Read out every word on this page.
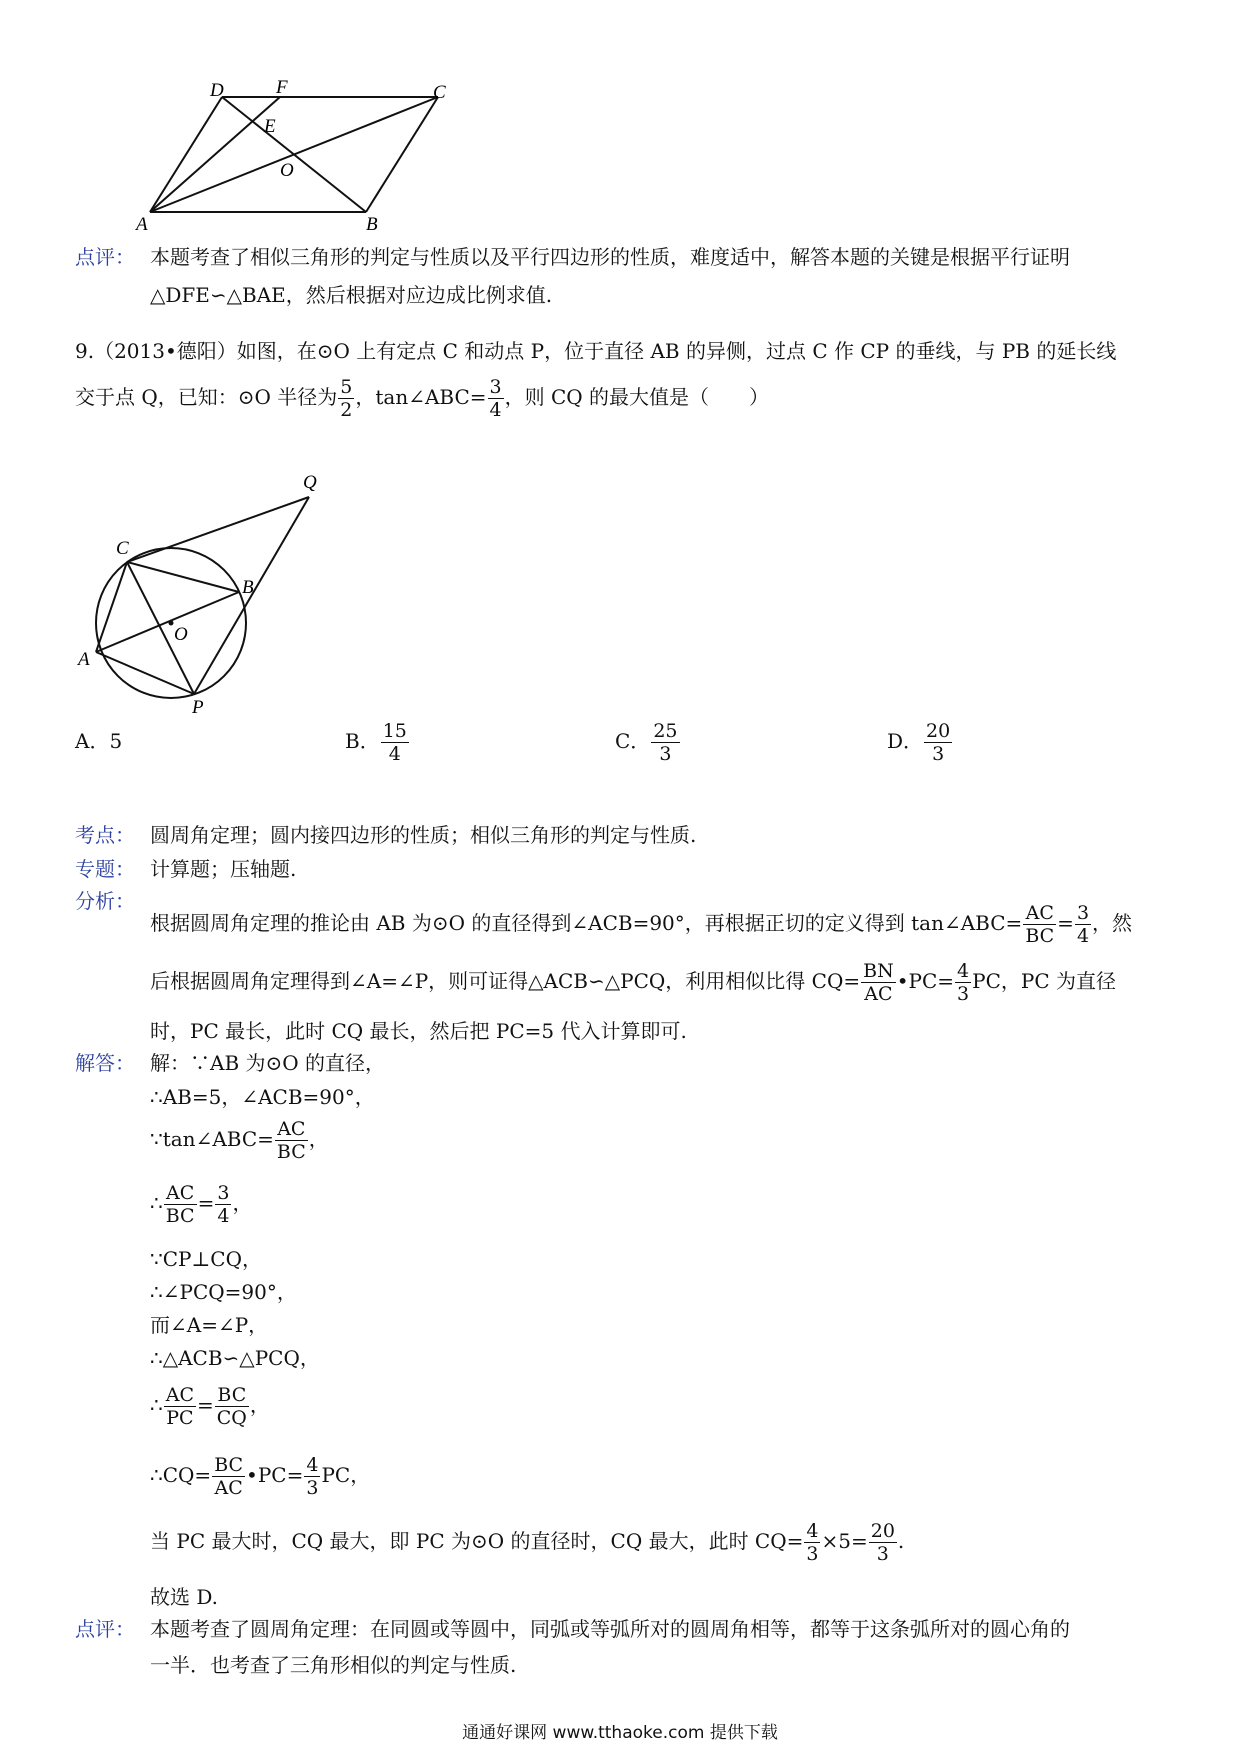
D	F	C
E
O
A	B
点评： 本题考查了相似三角形的判定与性质以及平行四边形的性质，难度适中，解答本题的关键是根据平行证明
△DFE∽△BAE，然后根据对应边成比例求值.
9.（2013•德阳）如图，在⊙O 上有定点 C 和动点 P，位于直径 AB 的异侧，过点 C 作 CP 的垂线，与 PB 的延长线
交于点 Q，已知：⊙O 半径为 $\frac{5}{2}$ ，tan∠ABC= $\frac{3}{4}$ ，则 CQ 的最大值是（　　）
Q
C
B
O
A
P
A．5	B． $\frac{15}{4}$	C． $\frac{25}{3}$	D． $\frac{20}{3}$
考点： 圆周角定理；圆内接四边形的性质；相似三角形的判定与性质.
专题： 计算题；压轴题.
分析：
根据圆周角定理的推论由 AB 为⊙O 的直径得到∠ACB=90°，再根据正切的定义得到 tan∠ABC= $\frac{AC}{BC} = \frac{3}{4}$ ，然
后根据圆周角定理得到∠A=∠P，则可证得△ACB∽△PCQ，利用相似比得 $CQ= \frac{BN}{AC}$ •PC= $\frac{4}{3}$ PC，PC 为直径
时，PC 最长，此时 CQ 最长，然后把 PC=5 代入计算即可.
解答： 解：∵AB 为⊙O 的直径，
∴AB=5，∠ACB=90°，
∵tan∠ABC= $\frac{AC}{BC}$ ，
∴ $\frac{AC}{BC} = \frac{3}{4}$ ，
∵CP⊥CQ，
∴∠PCQ=90°，
而∠A=∠P，
∴△ACB∽△PCQ，
∴ $\frac{AC}{PC} = \frac{BC}{CQ}$ ，
∴CQ= $\frac{BC}{AC}$ •PC= $\frac{4}{3}$ PC，
当 PC 最大时，CQ 最大，即 PC 为⊙O 的直径时，CQ 最大，此时 $CQ= \frac{4}{3} \times 5= \frac{20}{3}$ .
故选 D.
点评： 本题考查了圆周角定理：在同圆或等圆中，同弧或等弧所对的圆周角相等，都等于这条弧所对的圆心角的
一半．也考查了三角形相似的判定与性质.
通通好课网 www.tthaoke.com 提供下载
